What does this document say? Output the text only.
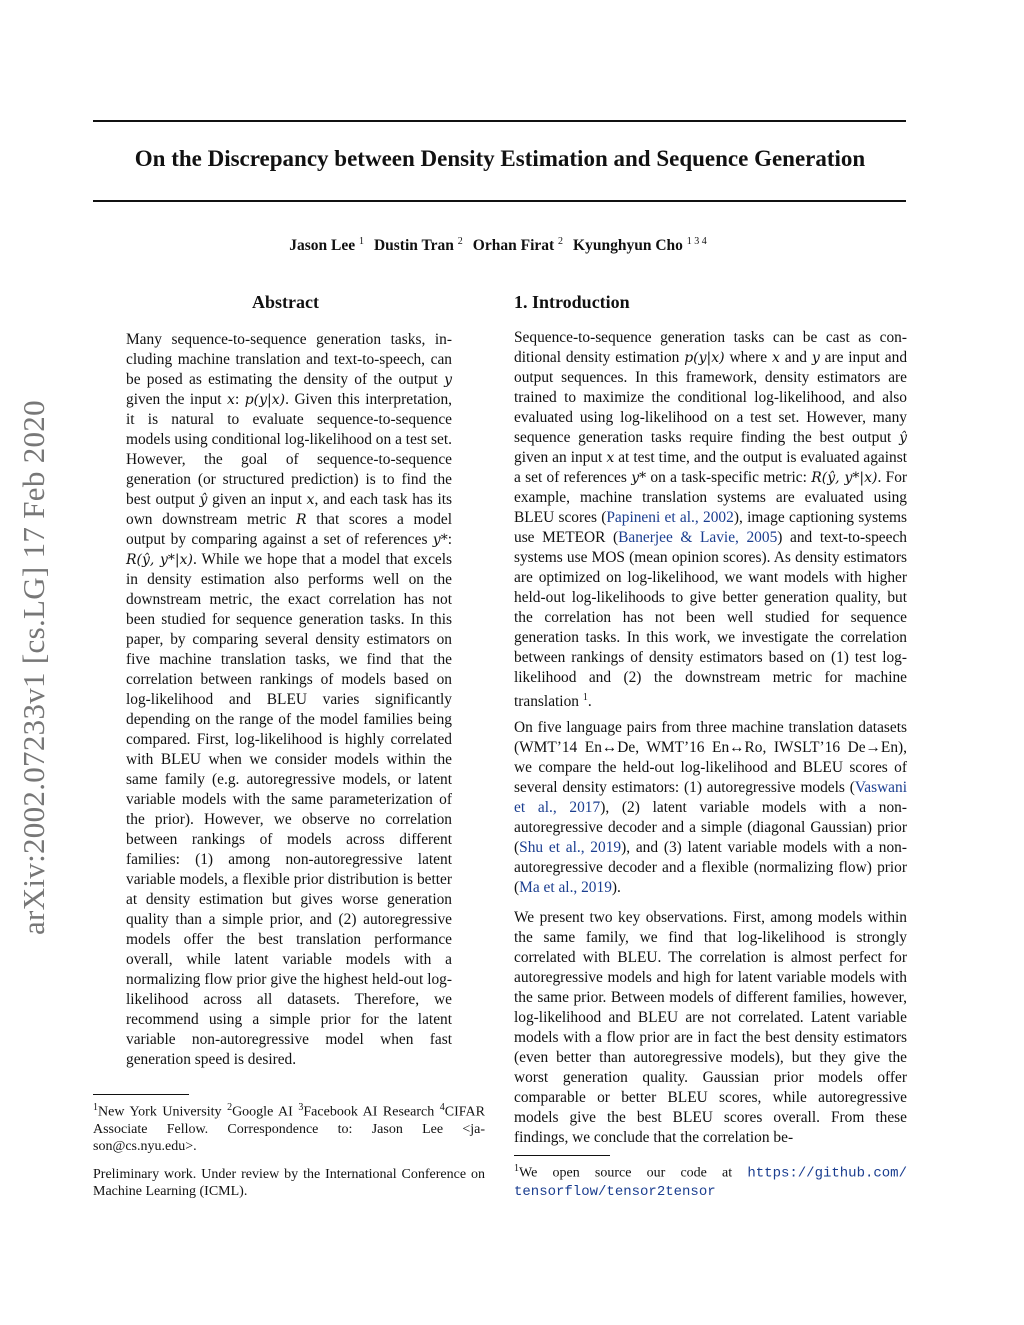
On the Discrepancy between Density Estimation and Sequence Generation
Jason Lee $^1$ Dustin Tran $^2$ Orhan Firat $^2$ Kyunghyun Cho $^{1 3 4}$
arXiv:2002.07233v1 [cs.LG] 17 Feb 2020
Abstract
Many sequence-to-sequence generation tasks, including machine translation and text-to-speech, can be posed as estimating the density of the output y given the input x: p(y|x). Given this interpretation, it is natural to evaluate sequence-to-sequence models using conditional log-likelihood on a test set. However, the goal of sequence-to-sequence generation (or structured prediction) is to find the best output ŷ given an input x, and each task has its own downstream metric R that scores a model output by comparing against a set of references y*: R(ŷ, y*|x). While we hope that a model that excels in density estimation also performs well on the downstream metric, the exact correlation has not been studied for sequence generation tasks. In this paper, by comparing several density estimators on five machine translation tasks, we find that the correlation between rankings of models based on log-likelihood and BLEU varies significantly depending on the range of the model families being compared. First, log-likelihood is highly correlated with BLEU when we consider models within the same family (e.g. autoregressive models, or latent variable models with the same parameterization of the prior). However, we observe no correlation between rankings of models across different families: (1) among non-autoregressive latent variable models, a flexible prior distribution is better at density estimation but gives worse generation quality than a simple prior, and (2) autoregressive models offer the best translation performance overall, while latent variable models with a normalizing flow prior give the highest held-out log-likelihood across all datasets. Therefore, we recommend using a simple prior for the latent variable non-autoregressive model when fast generation speed is desired.
1. Introduction
Sequence-to-sequence generation tasks can be cast as conditional density estimation p(y|x) where x and y are input and output sequences. In this framework, density estimators are trained to maximize the conditional log-likelihood, and also evaluated using log-likelihood on a test set. However, many sequence generation tasks require finding the best output ŷ given an input x at test time, and the output is evaluated against a set of references y* on a task-specific metric: R(ŷ, y*|x). For example, machine translation systems are evaluated using BLEU scores (Papineni et al., 2002), image captioning systems use METEOR (Banerjee & Lavie, 2005) and text-to-speech systems use MOS (mean opinion scores). As density estimators are optimized on log-likelihood, we want models with higher held-out log-likelihoods to give better generation quality, but the correlation has not been well studied for sequence generation tasks. In this work, we investigate the correlation between rankings of density estimators based on (1) test log-likelihood and (2) the downstream metric for machine translation $^1$.
On five language pairs from three machine translation datasets (WMT’14 En↔De, WMT’16 En↔Ro, IWSLT’16 De→En), we compare the held-out log-likelihood and BLEU scores of several density estimators: (1) autoregressive models (Vaswani et al., 2017), (2) latent variable models with a non-autoregressive decoder and a simple (diagonal Gaussian) prior (Shu et al., 2019), and (3) latent variable models with a non-autoregressive decoder and a flexible (normalizing flow) prior (Ma et al., 2019).
We present two key observations. First, among models within the same family, we find that log-likelihood is strongly correlated with BLEU. The correlation is almost perfect for autoregressive models and high for latent variable models with the same prior. Between models of different families, however, log-likelihood and BLEU are not correlated. Latent variable models with a flow prior are in fact the best density estimators (even better than autoregressive models), but they give the worst generation quality. Gaussian prior models offer comparable or better BLEU scores, while autoregressive models give the best BLEU scores overall. From these findings, we conclude that the correlation be-
$^1$New York University $^2$Google AI $^3$Facebook AI Research $^4$CIFAR Associate Fellow. Correspondence to: Jason Lee <jason@cs.nyu.edu>.
Preliminary work. Under review by the International Conference on Machine Learning (ICML).
$^1$We open source our code at https://github.com/ tensorflow/tensor2tensor
